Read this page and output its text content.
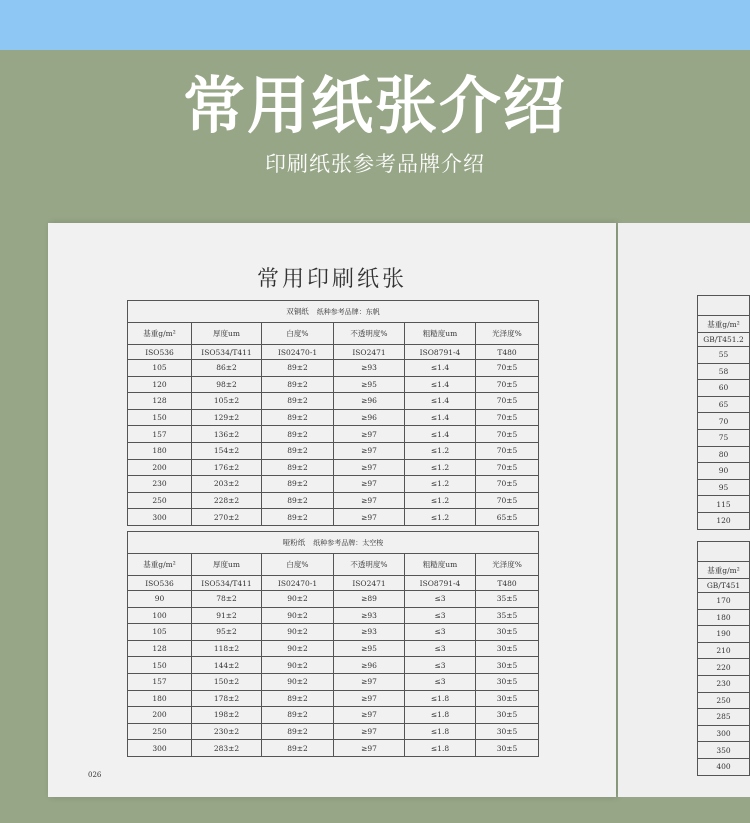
常用纸张介绍
印刷纸张参考品牌介绍
常用印刷纸张
双铜纸 纸种参考品牌：东帆					
基重g/m²	厚度um	白度%	不透明度%	粗糙度um	光泽度%
ISO536	ISO534/T411	IS02470-1	ISO2471	ISO8791-4	T480
105	86±2	89±2	≥93	≤1.4	70±5
120	98±2	89±2	≥95	≤1.4	70±5
128	105±2	89±2	≥96	≤1.4	70±5
150	129±2	89±2	≥96	≤1.4	70±5
157	136±2	89±2	≥97	≤1.4	70±5
180	154±2	89±2	≥97	≤1.2	70±5
200	176±2	89±2	≥97	≤1.2	70±5
230	203±2	89±2	≥97	≤1.2	70±5
250	228±2	89±2	≥97	≤1.2	70±5
300	270±2	89±2	≥97	≤1.2	65±5
哑粉纸 纸种参考品牌：太空梭					
基重g/m²	厚度um	白度%	不透明度%	粗糙度um	光泽度%
ISO536	ISO534/T411	IS02470-1	ISO2471	ISO8791-4	T480
90	78±2	90±2	≥89	≤3	35±5
100	91±2	90±2	≥93	≤3	35±5
105	95±2	90±2	≥93	≤3	30±5
128	118±2	90±2	≥95	≤3	30±5
150	144±2	90±2	≥96	≤3	30±5
157	150±2	90±2	≥97	≤3	30±5
180	178±2	89±2	≥97	≤1.8	30±5
200	198±2	89±2	≥97	≤1.8	30±5
250	230±2	89±2	≥97	≤1.8	30±5
300	283±2	89±2	≥97	≤1.8	30±5
026

基重g/m²
GB/T451.2
55
58
60
65
70
75
80
90
95
115
120

基重g/m²
GB/T451
170
180
190
210
220
230
250
285
300
350
400
